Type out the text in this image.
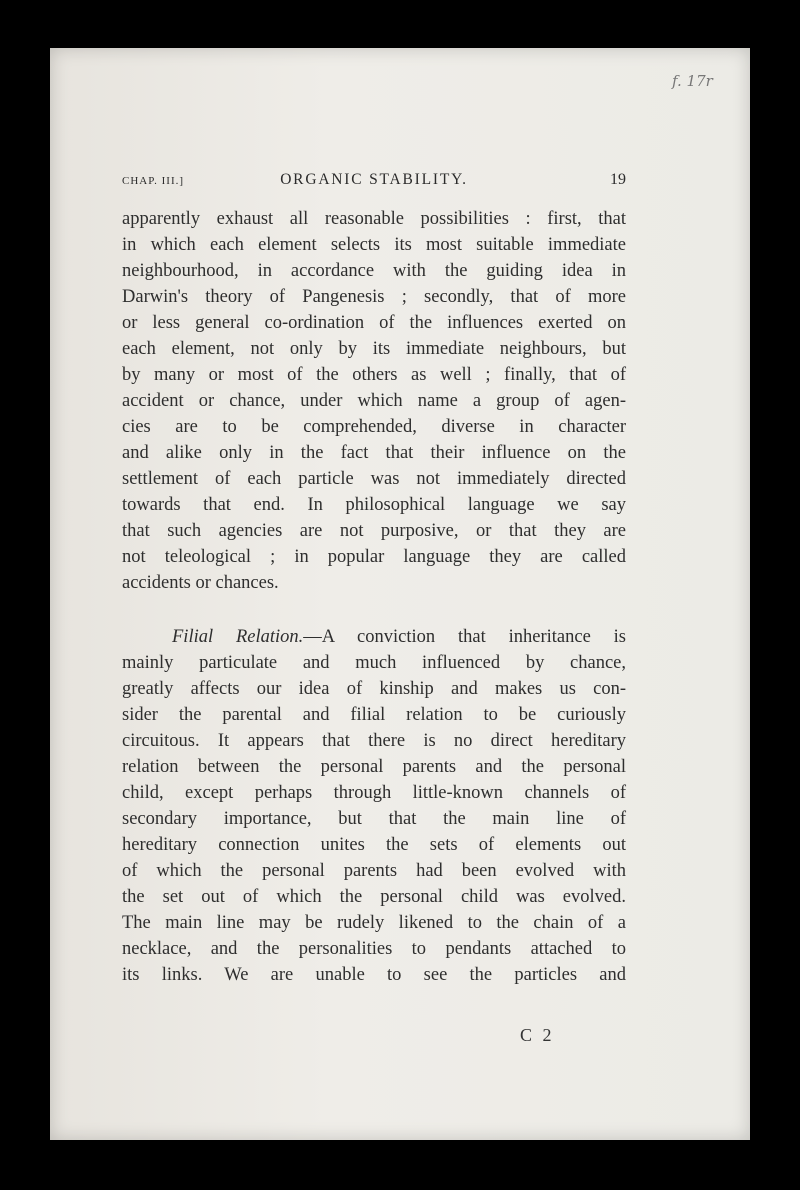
f. 17r
CHAP. III.]	ORGANIC STABILITY.	19
apparently exhaust all reasonable possibilities : first, that
in which each element selects its most suitable immediate
neighbourhood, in accordance with the guiding idea in
Darwin's theory of Pangenesis ; secondly, that of more
or less general co-ordination of the influences exerted on
each element, not only by its immediate neighbours, but
by many or most of the others as well ; finally, that of
accident or chance, under which name a group of agen-
cies are to be comprehended, diverse in character
and alike only in the fact that their influence on the
settlement of each particle was not immediately directed
towards that end. In philosophical language we say
that such agencies are not purposive, or that they are
not teleological ; in popular language they are called
accidents or chances.
Filial Relation.—A conviction that inheritance is
mainly particulate and much influenced by chance,
greatly affects our idea of kinship and makes us con-
sider the parental and filial relation to be curiously
circuitous. It appears that there is no direct hereditary
relation between the personal parents and the personal
child, except perhaps through little-known channels of
secondary importance, but that the main line of
hereditary connection unites the sets of elements out
of which the personal parents had been evolved with
the set out of which the personal child was evolved.
The main line may be rudely likened to the chain of a
necklace, and the personalities to pendants attached to
its links. We are unable to see the particles and
C 2
